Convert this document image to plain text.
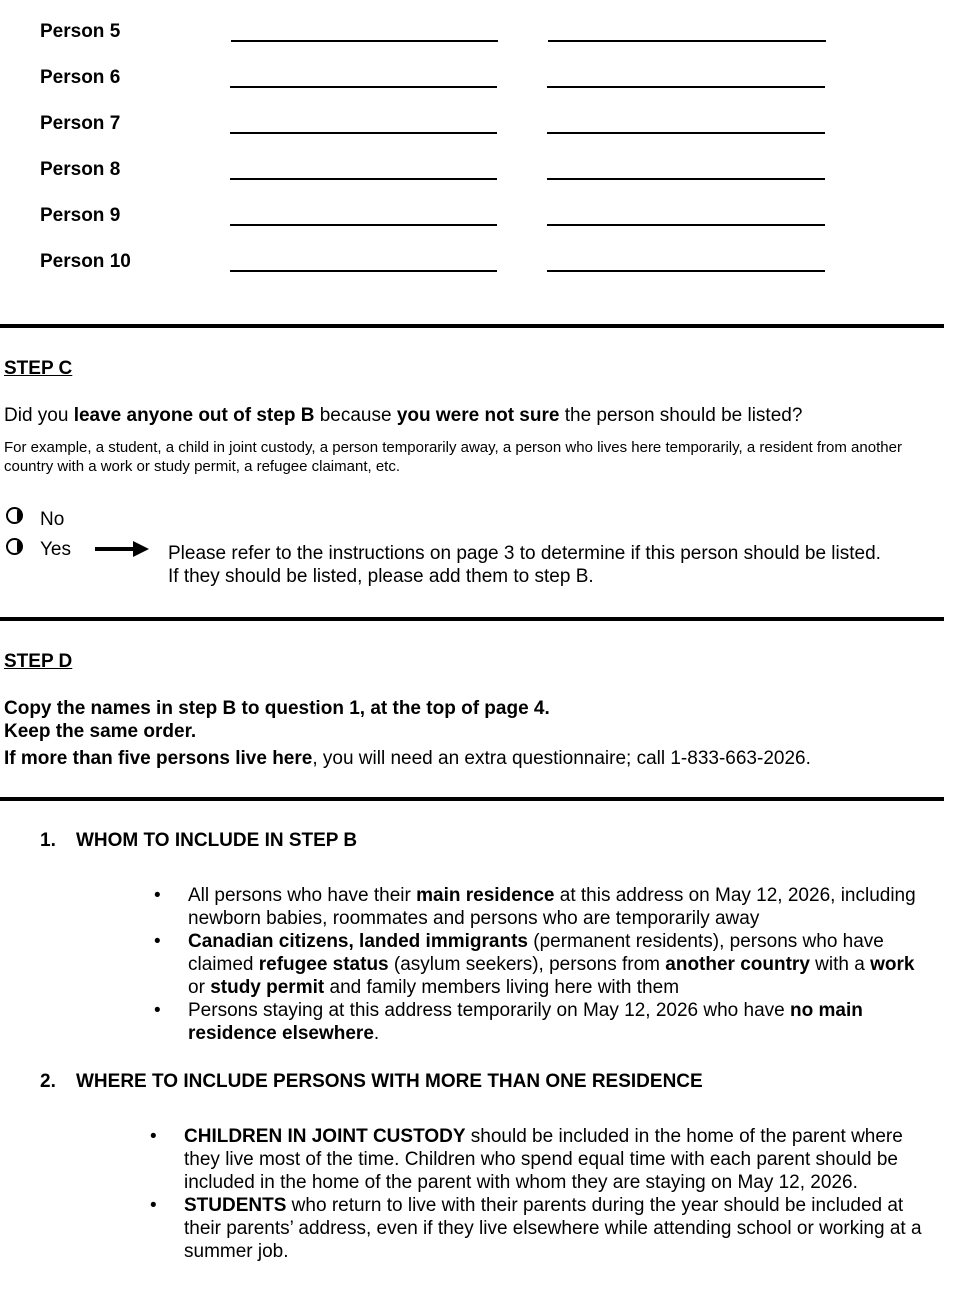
Person 5
Person 6
Person 7
Person 8
Person 9
Person 10
STEP C
Did you leave anyone out of step B because you were not sure the person should be listed?
For example, a student, a child in joint custody, a person temporarily away, a person who lives here temporarily, a resident from another country with a work or study permit, a refugee claimant, etc.
No
Yes	Please refer to the instructions on page 3 to determine if this person should be listed.
If they should be listed, please add them to step B.
STEP D
Copy the names in step B to question 1, at the top of page 4.
Keep the same order.
If more than five persons live here, you will need an extra questionnaire; call 1-833-663-2026.
1. WHOM TO INCLUDE IN STEP B
• All persons who have their main residence at this address on May 12, 2026, including newborn babies, roommates and persons who are temporarily away
• Canadian citizens, landed immigrants (permanent residents), persons who have claimed refugee status (asylum seekers), persons from another country with a work or study permit and family members living here with them
• Persons staying at this address temporarily on May 12, 2026 who have no main residence elsewhere.
2. WHERE TO INCLUDE PERSONS WITH MORE THAN ONE RESIDENCE
• CHILDREN IN JOINT CUSTODY should be included in the home of the parent where they live most of the time. Children who spend equal time with each parent should be included in the home of the parent with whom they are staying on May 12, 2026.
• STUDENTS who return to live with their parents during the year should be included at their parents’ address, even if they live elsewhere while attending school or working at a summer job.
